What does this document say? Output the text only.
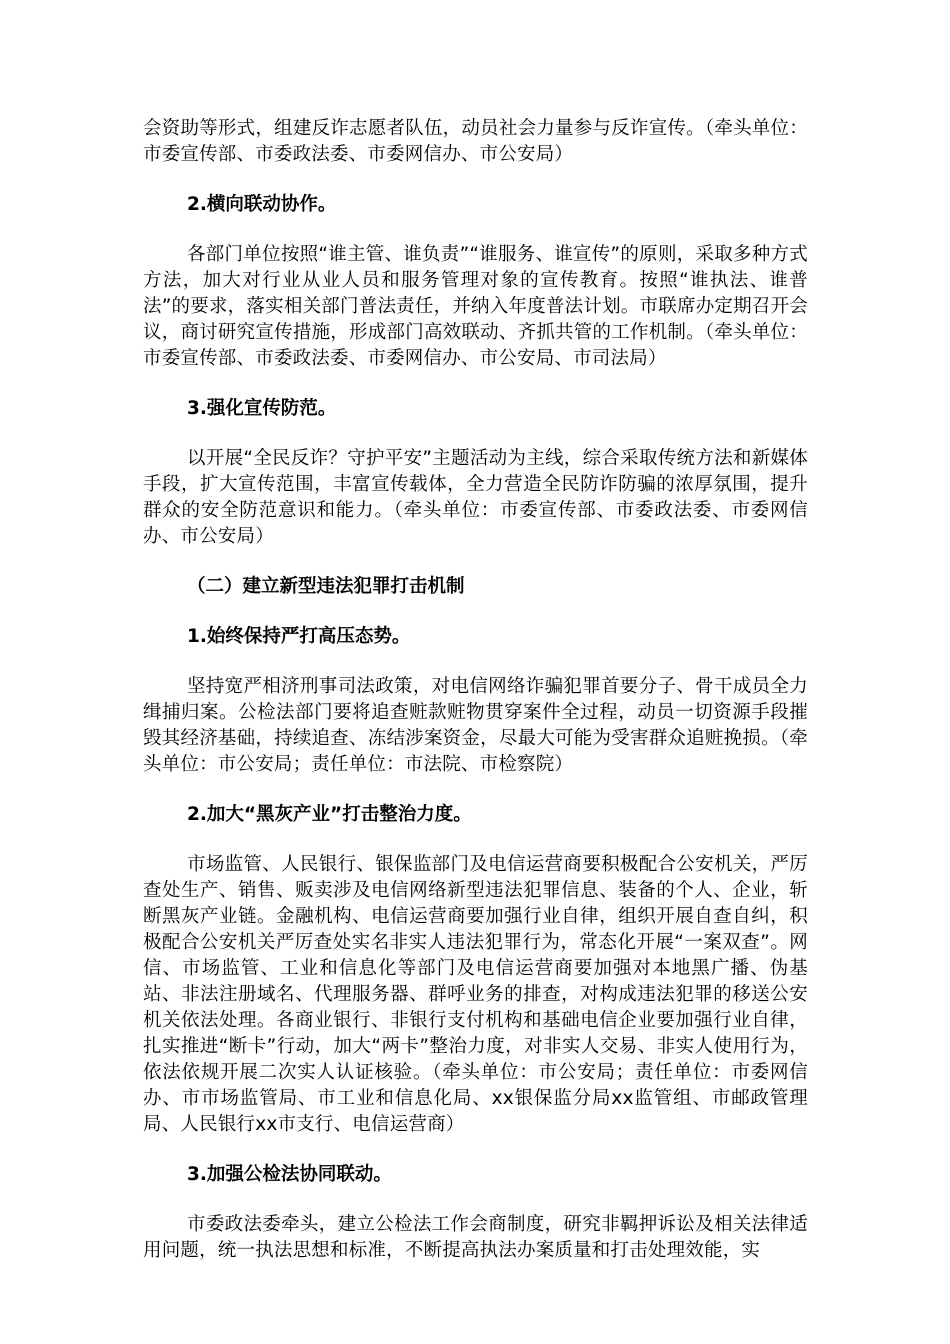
会资助等形式，组建反诈志愿者队伍，动员社会力量参与反诈宣传。（牵头单位：市委宣传部、市委政法委、市委网信办、市公安局）

2.横向联动协作。

各部门单位按照“谁主管、谁负责”“谁服务、谁宣传”的原则，采取多种方式方法，加大对行业从业人员和服务管理对象的宣传教育。按照“谁执法、谁普法”的要求，落实相关部门普法责任，并纳入年度普法计划。市联席办定期召开会议，商讨研究宣传措施，形成部门高效联动、齐抓共管的工作机制。（牵头单位：市委宣传部、市委政法委、市委网信办、市公安局、市司法局）

3.强化宣传防范。

以开展“全民反诈？守护平安”主题活动为主线，综合采取传统方法和新媒体手段，扩大宣传范围，丰富宣传载体，全力营造全民防诈防骗的浓厚氛围，提升群众的安全防范意识和能力。（牵头单位：市委宣传部、市委政法委、市委网信办、市公安局）

（二）建立新型违法犯罪打击机制

1.始终保持严打高压态势。

坚持宽严相济刑事司法政策，对电信网络诈骗犯罪首要分子、骨干成员全力缉捕归案。公检法部门要将追查赃款赃物贯穿案件全过程，动员一切资源手段摧毁其经济基础，持续追查、冻结涉案资金，尽最大可能为受害群众追赃挽损。（牵头单位：市公安局；责任单位：市法院、市检察院）

2.加大“黑灰产业”打击整治力度。

市场监管、人民银行、银保监部门及电信运营商要积极配合公安机关，严厉查处生产、销售、贩卖涉及电信网络新型违法犯罪信息、装备的个人、企业，斩断黑灰产业链。金融机构、电信运营商要加强行业自律，组织开展自查自纠，积极配合公安机关严厉查处实名非实人违法犯罪行为，常态化开展“一案双查”。网信、市场监管、工业和信息化等部门及电信运营商要加强对本地黑广播、伪基站、非法注册域名、代理服务器、群呼业务的排查，对构成违法犯罪的移送公安机关依法处理。各商业银行、非银行支付机构和基础电信企业要加强行业自律，扎实推进“断卡”行动，加大“两卡”整治力度，对非实人交易、非实人使用行为，依法依规开展二次实人认证核验。（牵头单位：市公安局；责任单位：市委网信办、市市场监管局、市工业和信息化局、xx银保监分局xx监管组、市邮政管理局、人民银行xx市支行、电信运营商）

3.加强公检法协同联动。

市委政法委牵头，建立公检法工作会商制度，研究非羁押诉讼及相关法律适用问题，统一执法思想和标准，不断提高执法办案质量和打击处理效能，实
